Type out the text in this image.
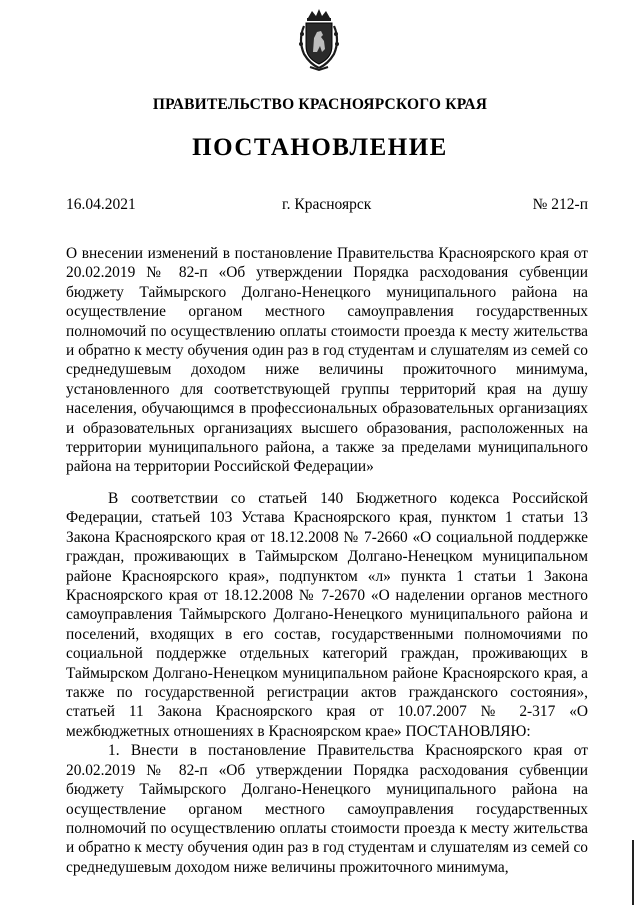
ПРАВИТЕЛЬСТВО КРАСНОЯРСКОГО КРАЯ
ПОСТАНОВЛЕНИЕ
16.04.2021	г. Красноярск	№ 212-п
О внесении изменений в постановление Правительства Красноярского края от 20.02.2019 № 82-п «Об утверждении Порядка расходования субвенции бюджету Таймырского Долгано-Ненецкого муниципального района на осуществление органом местного самоуправления государственных полномочий по осуществлению оплаты стоимости проезда к месту жительства и обратно к месту обучения один раз в год студентам и слушателям из семей со среднедушевым доходом ниже величины прожиточного минимума, установленного для соответствующей группы территорий края на душу населения, обучающимся в профессиональных образовательных организациях и образовательных организациях высшего образования, расположенных на территории муниципального района, а также за пределами муниципального района на территории Российской Федерации»

В соответствии со статьей 140 Бюджетного кодекса Российской Федерации, статьей 103 Устава Красноярского края, пунктом 1 статьи 13 Закона Красноярского края от 18.12.2008 № 7-2660 «О социальной поддержке граждан, проживающих в Таймырском Долгано-Ненецком муниципальном районе Красноярского края», подпунктом «л» пункта 1 статьи 1 Закона Красноярского края от 18.12.2008 № 7-2670 «О наделении органов местного самоуправления Таймырского Долгано-Ненецкого муниципального района и поселений, входящих в его состав, государственными полномочиями по социальной поддержке отдельных категорий граждан, проживающих в Таймырском Долгано-Ненецком муниципальном районе Красноярского края, а также по государственной регистрации актов гражданского состояния», статьей 11 Закона Красноярского края от 10.07.2007 № 2-317 «О межбюджетных отношениях в Красноярском крае» ПОСТАНОВЛЯЮ:

1. Внести в постановление Правительства Красноярского края от 20.02.2019 № 82-п «Об утверждении Порядка расходования субвенции бюджету Таймырского Долгано-Ненецкого муниципального района на осуществление органом местного самоуправления государственных полномочий по осуществлению оплаты стоимости проезда к месту жительства и обратно к месту обучения один раз в год студентам и слушателям из семей со среднедушевым доходом ниже величины прожиточного минимума,
